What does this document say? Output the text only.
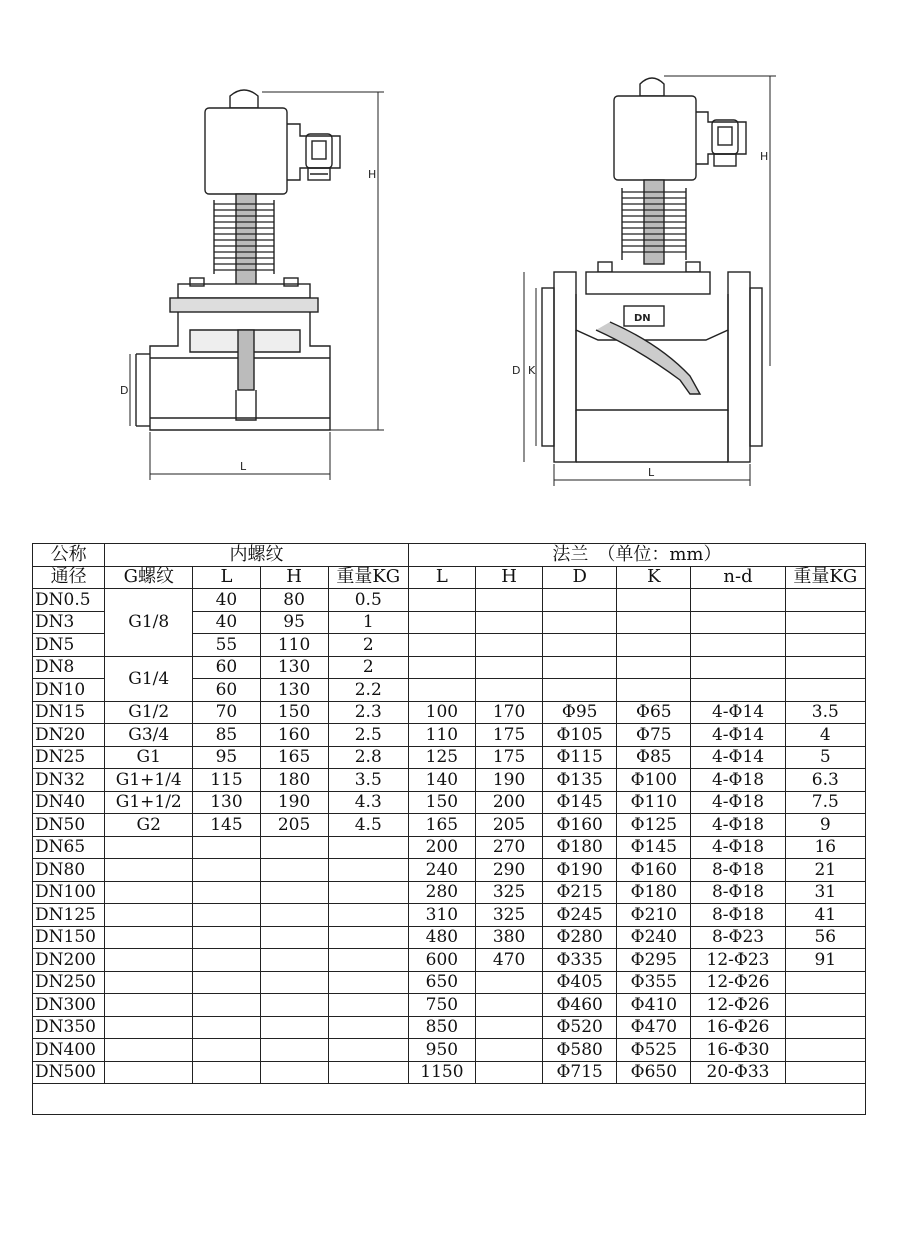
L
H
D
L
H
D K
DN
公称	内螺纹				法兰　（单位：mm）					
通径	G螺纹	L	H	重量KG	L	H	D	K	n-d	重量KG
DN0.5	G1/8	40	80	0.5						
DN3		40	95	1						
DN5		55	110	2						
DN8	G1/4	60	130	2						
DN10		60	130	2.2						
DN15	G1/2	70	150	2.3	100	170	Φ95	Φ65	4-Φ14	3.5
DN20	G3/4	85	160	2.5	110	175	Φ105	Φ75	4-Φ14	4
DN25	G1	95	165	2.8	125	175	Φ115	Φ85	4-Φ14	5
DN32	G1+1/4	115	180	3.5	140	190	Φ135	Φ100	4-Φ18	6.3
DN40	G1+1/2	130	190	4.3	150	200	Φ145	Φ110	4-Φ18	7.5
DN50	G2	145	205	4.5	165	205	Φ160	Φ125	4-Φ18	9
DN65					200	270	Φ180	Φ145	4-Φ18	16
DN80					240	290	Φ190	Φ160	8-Φ18	21
DN100					280	325	Φ215	Φ180	8-Φ18	31
DN125					310	325	Φ245	Φ210	8-Φ18	41
DN150					480	380	Φ280	Φ240	8-Φ23	56
DN200					600	470	Φ335	Φ295	12-Φ23	91
DN250					650		Φ405	Φ355	12-Φ26	
DN300					750		Φ460	Φ410	12-Φ26	
DN350					850		Φ520	Φ470	16-Φ26	
DN400					950		Φ580	Φ525	16-Φ30	
DN500					1150		Φ715	Φ650	20-Φ33	
